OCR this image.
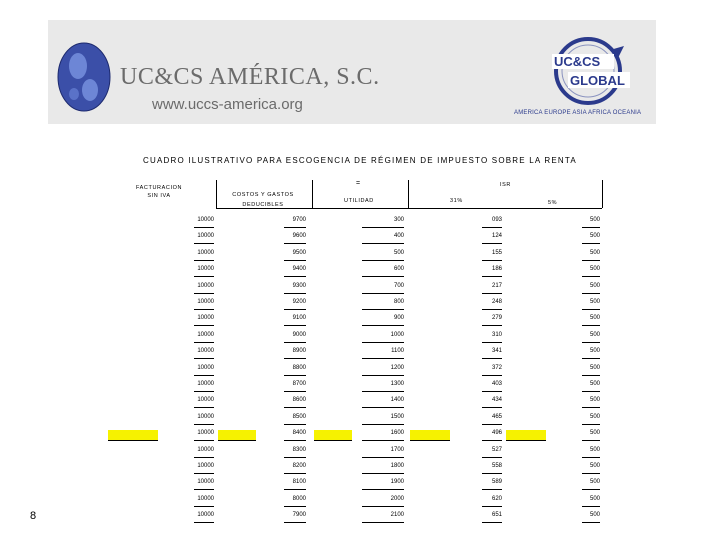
UC&CS AMÉRICA, S.C.
www.uccs-america.org
UC&CS
GLOBAL
AMERICA EUROPE ASIA AFRICA OCEANIA
CUADRO ILUSTRATIVO PARA ESCOGENCIA DE RÉGIMEN DE IMPUESTO SOBRE LA RENTA
FACTURACION SIN IVA	COSTOS Y GASTOS DEDUCIBLES
=
UTILIDAD
ISR
31%	5%
10000	9700	300	093	500
10000	9600	400	124	500
10000	9500	500	155	500
10000	9400	600	186	500
10000	9300	700	217	500
10000	9200	800	248	500
10000	9100	900	279	500
10000	9000	1000	310	500
10000	8900	1100	341	500
10000	8800	1200	372	500
10000	8700	1300	403	500
10000	8600	1400	434	500
10000	8500	1500	465	500
10000	8400	1600	496	500
10000	8300	1700	527	500
10000	8200	1800	558	500
10000	8100	1900	589	500
10000	8000	2000	620	500
10000	7900	2100	651	500
8
